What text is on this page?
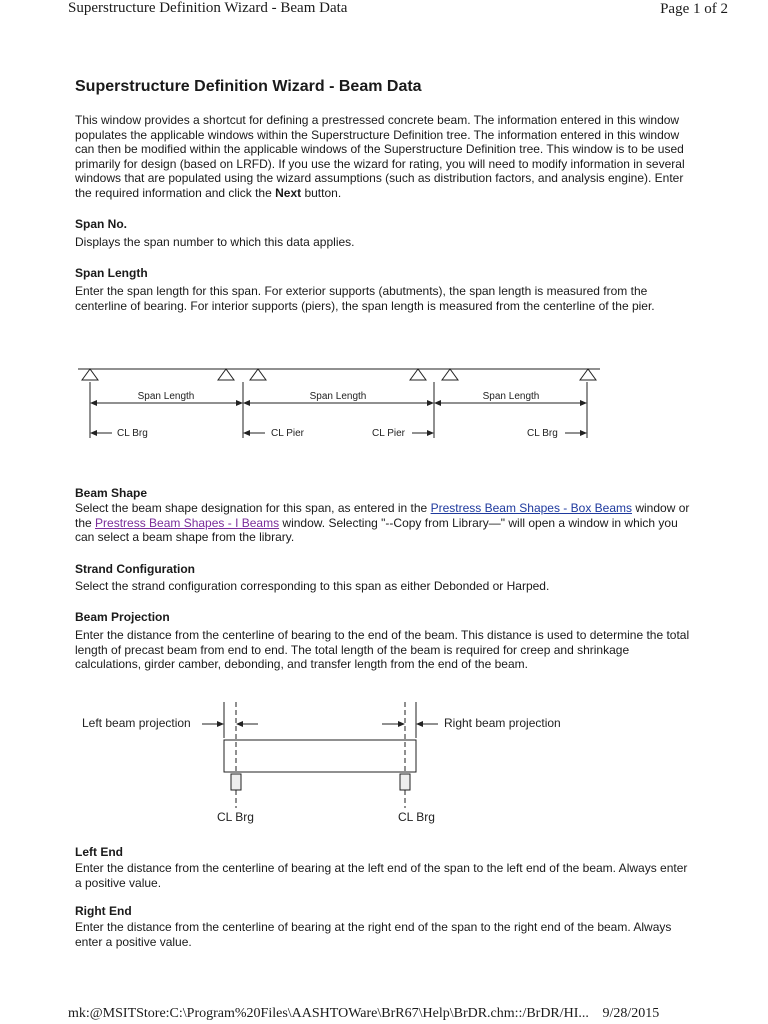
Superstructure Definition Wizard - Beam Data	Page 1 of 2
Superstructure Definition Wizard - Beam Data

This window provides a shortcut for defining a prestressed concrete beam. The information entered in this window populates the applicable windows within the Superstructure Definition tree. The information entered in this window can then be modified within the applicable windows of the Superstructure Definition tree. This window is to be used primarily for design (based on LRFD). If you use the wizard for rating, you will need to modify information in several windows that are populated using the wizard assumptions (such as distribution factors, and analysis engine). Enter the required information and click the Next button.

Span No.

Displays the span number to which this data applies.

Span Length

Enter the span length for this span. For exterior supports (abutments), the span length is measured from the centerline of bearing. For interior supports (piers), the span length is measured from the centerline of the pier.

Span Length	Span Length	Span Length
CL Brg	CL Pier	CL Pier	CL Brg
Beam Shape

Select the beam shape designation for this span, as entered in the Prestress Beam Shapes - Box Beams window or the Prestress Beam Shapes - I Beams window. Selecting "--Copy from Library—" will open a window in which you can select a beam shape from the library.

Strand Configuration

Select the strand configuration corresponding to this span as either Debonded or Harped.

Beam Projection

Enter the distance from the centerline of bearing to the end of the beam. This distance is used to determine the total length of precast beam from end to end. The total length of the beam is required for creep and shrinkage calculations, girder camber, debonding, and transfer length from the end of the beam.

Left beam projection	Right beam projection
CL Brg	CL Brg
Left End

Enter the distance from the centerline of bearing at the left end of the span to the left end of the beam. Always enter a positive value.

Right End

Enter the distance from the centerline of bearing at the right end of the span to the right end of the beam. Always enter a positive value.

mk:@MSITStore:C:\Program%20Files\AASHTOWare\BrR67\Help\BrDR.chm::/BrDR/HI... 9/28/2015
